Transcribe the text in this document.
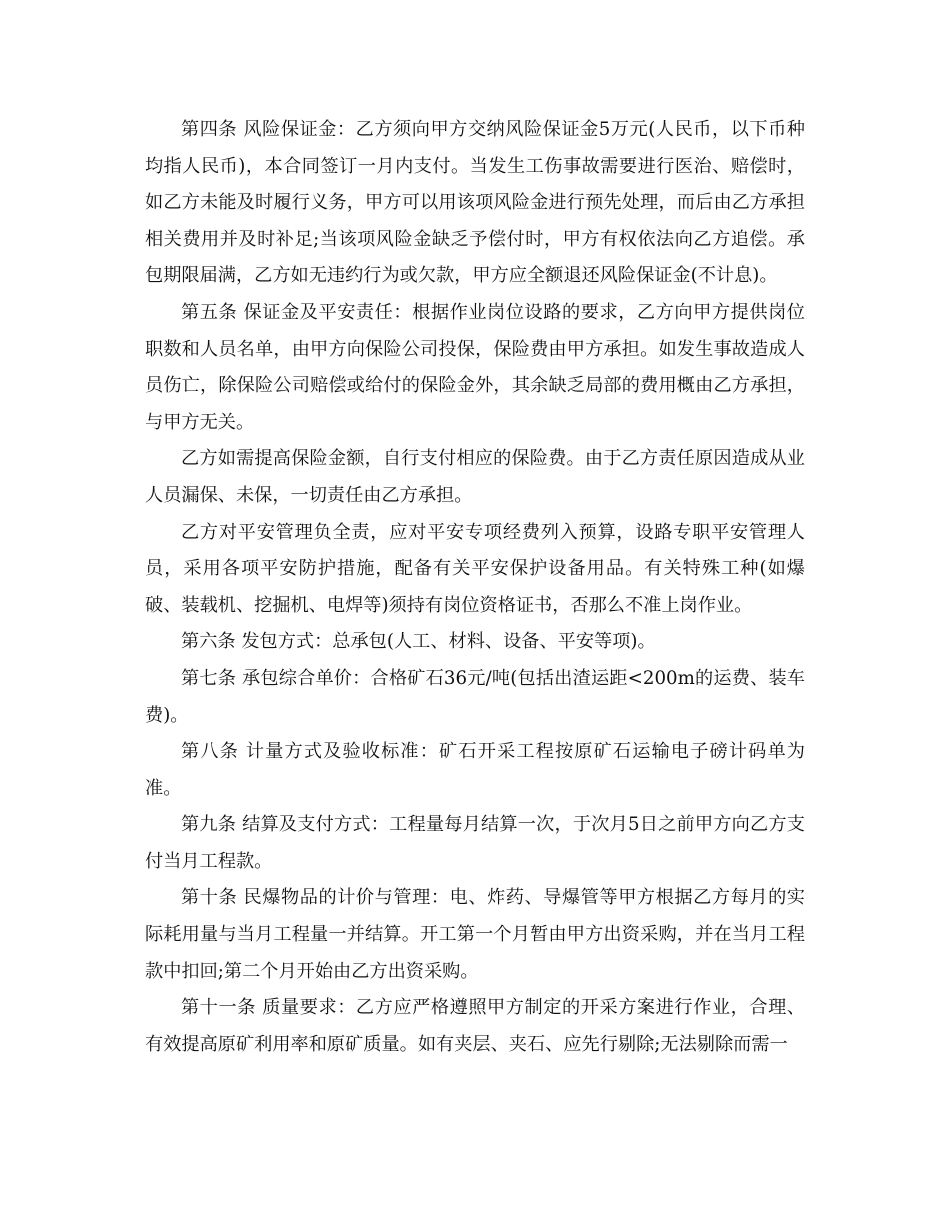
第四条 风险保证金：乙方须向甲方交纳风险保证金5万元(人民币，以下币种均指人民币)，本合同签订一月内支付。当发生工伤事故需要进行医治、赔偿时，如乙方未能及时履行义务，甲方可以用该项风险金进行预先处理，而后由乙方承担相关费用并及时补足;当该项风险金缺乏予偿付时，甲方有权依法向乙方追偿。承包期限届满，乙方如无违约行为或欠款，甲方应全额退还风险保证金(不计息)。

第五条 保证金及平安责任：根据作业岗位设路的要求，乙方向甲方提供岗位职数和人员名单，由甲方向保险公司投保，保险费由甲方承担。如发生事故造成人员伤亡，除保险公司赔偿或给付的保险金外，其余缺乏局部的费用概由乙方承担，与甲方无关。

乙方如需提高保险金额，自行支付相应的保险费。由于乙方责任原因造成从业人员漏保、未保，一切责任由乙方承担。

乙方对平安管理负全责，应对平安专项经费列入预算，设路专职平安管理人员，采用各项平安防护措施，配备有关平安保护设备用品。有关特殊工种(如爆破、装载机、挖掘机、电焊等)须持有岗位资格证书，否那么不准上岗作业。

第六条 发包方式：总承包(人工、材料、设备、平安等项)。

第七条 承包综合单价：合格矿石36元/吨(包括出渣运距<200m的运费、装车费)。

第八条 计量方式及验收标准：矿石开采工程按原矿石运输电子磅计码单为准。

第九条 结算及支付方式：工程量每月结算一次，于次月5日之前甲方向乙方支付当月工程款。

第十条 民爆物品的计价与管理：电、炸药、导爆管等甲方根据乙方每月的实际耗用量与当月工程量一并结算。开工第一个月暂由甲方出资采购，并在当月工程款中扣回;第二个月开始由乙方出资采购。

第十一条 质量要求：乙方应严格遵照甲方制定的开采方案进行作业，合理、有效提高原矿利用率和原矿质量。如有夹层、夹石、应先行剔除;无法剔除而需一
